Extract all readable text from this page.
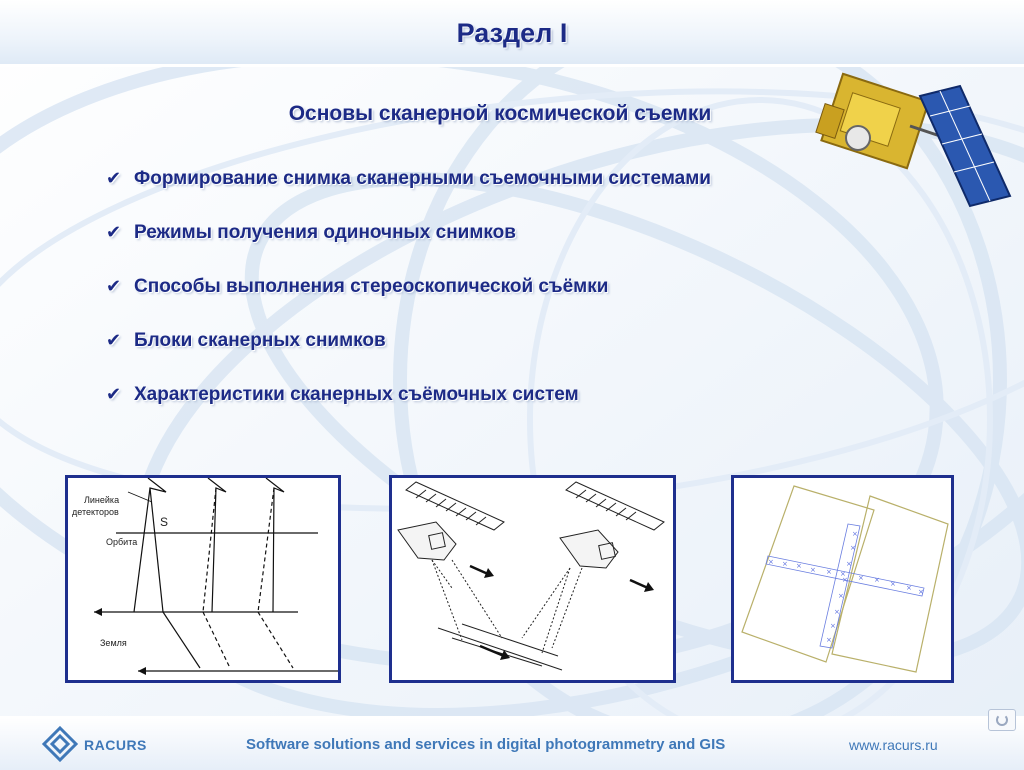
Раздел I
Основы сканерной космической съемки
✔ Формирование снимка сканерными съемочными системами
✔ Режимы получения одиночных снимков
✔ Способы выполнения стереоскопической съёмки
✔ Блоки сканерных снимков
✔ Характеристики сканерных съёмочных систем
Линейка
детекторов
S
Орбита
Земля
× × × × × × × × × × ×
×
×
×
×
×
×
×
×
RACURS	Software solutions and services in digital photogrammetry and GIS	www.racurs.ru
